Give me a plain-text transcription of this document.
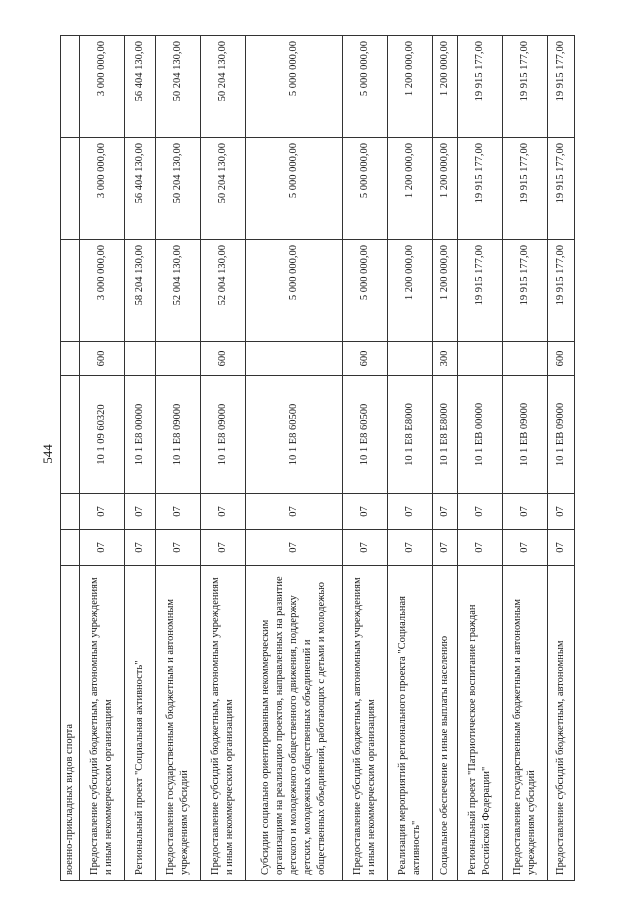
544
военно-прикладных видов спорта							
Предоставление субсидий бюджетным, автономным учреждениям и иным некоммерческим организациям	07	07	10 1 09 60320	600	3 000 000,00	3 000 000,00	3 000 000,00
Региональный проект "Социальная активность"	07	07	10 1 E8 00000		58 204 130,00	56 404 130,00	56 404 130,00
Предоставление государственным бюджетным и автономным учреждениям субсидий	07	07	10 1 E8 09000		52 004 130,00	50 204 130,00	50 204 130,00
Предоставление субсидий бюджетным, автономным учреждениям и иным некоммерческим организациям	07	07	10 1 E8 09000	600	52 004 130,00	50 204 130,00	50 204 130,00
Субсидии социально ориентированным некоммерческим организациям на реализацию проектов, направленных на развитие детского и молодежного общественного движения, поддержку детских, молодежных общественных объединений и общественных объединений, работающих с детьми и молодежью	07	07	10 1 E8 60500		5 000 000,00	5 000 000,00	5 000 000,00
Предоставление субсидий бюджетным, автономным учреждениям и иным некоммерческим организациям	07	07	10 1 E8 60500	600	5 000 000,00	5 000 000,00	5 000 000,00
Реализация мероприятий регионального проекта "Социальная активность"	07	07	10 1 E8 E8000		1 200 000,00	1 200 000,00	1 200 000,00
Социальное обеспечение и иные выплаты населению	07	07	10 1 E8 E8000	300	1 200 000,00	1 200 000,00	1 200 000,00
Региональный проект "Патриотическое воспитание граждан Российской Федерации"	07	07	10 1 EВ 00000		19 915 177,00	19 915 177,00	19 915 177,00
Предоставление государственным бюджетным и автономным учреждениям субсидий	07	07	10 1 EВ 09000		19 915 177,00	19 915 177,00	19 915 177,00
Предоставление субсидий бюджетным, автономным	07	07	10 1 EВ 09000	600	19 915 177,00	19 915 177,00	19 915 177,00
